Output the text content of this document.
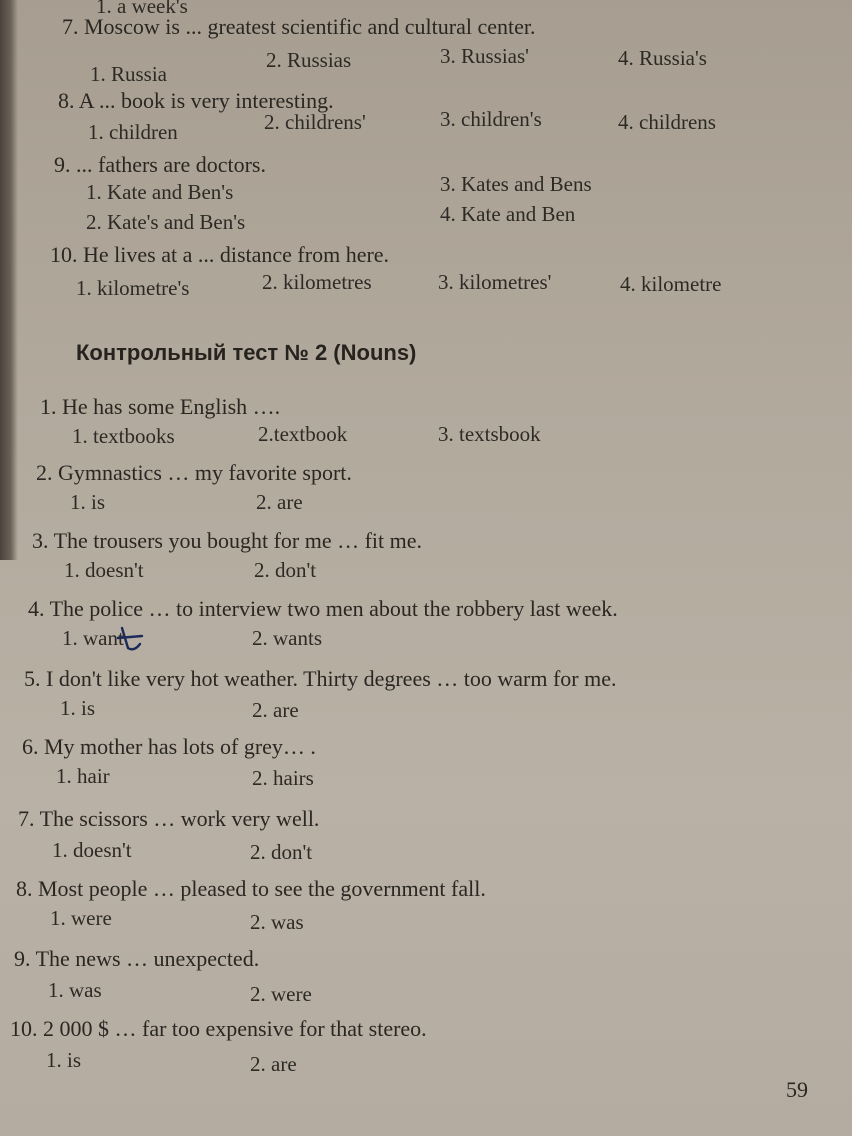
1. a week's
7. Moscow is ... greatest scientific and cultural center.
1. Russia
2. Russias	3. Russias'	4. Russia's
8. A ... book is very interesting.
1. children	2. childrens'	3. children's	4. childrens
9. ... fathers are doctors.
1. Kate and Ben's
2. Kate's and Ben's
3. Kates and Bens
4. Kate and Ben
10. He lives at a ... distance from here.
1. kilometre's	2. kilometres	3. kilometres'	4. kilometre
Контрольный тест № 2 (Nouns)
1. He has some English ….
1. textbooks	2.textbook	3. textsbook
2. Gymnastics … my favorite sport.
1. is	2. are
3. The trousers you bought for me … fit me.
1. doesn't	2. don't
4. The police … to interview two men about the robbery last week.
1. want	2. wants
5. I don't like very hot weather. Thirty degrees … too warm for me.
1. is	2. are
6. My mother has lots of grey… .
1. hair	2. hairs
7. The scissors … work very well.
1. doesn't	2. don't
8. Most people … pleased to see the government fall.
1. were	2. was
9. The news … unexpected.
1. was	2. were
10. 2 000 $ … far too expensive for that stereo.
1. is	2. are
59
